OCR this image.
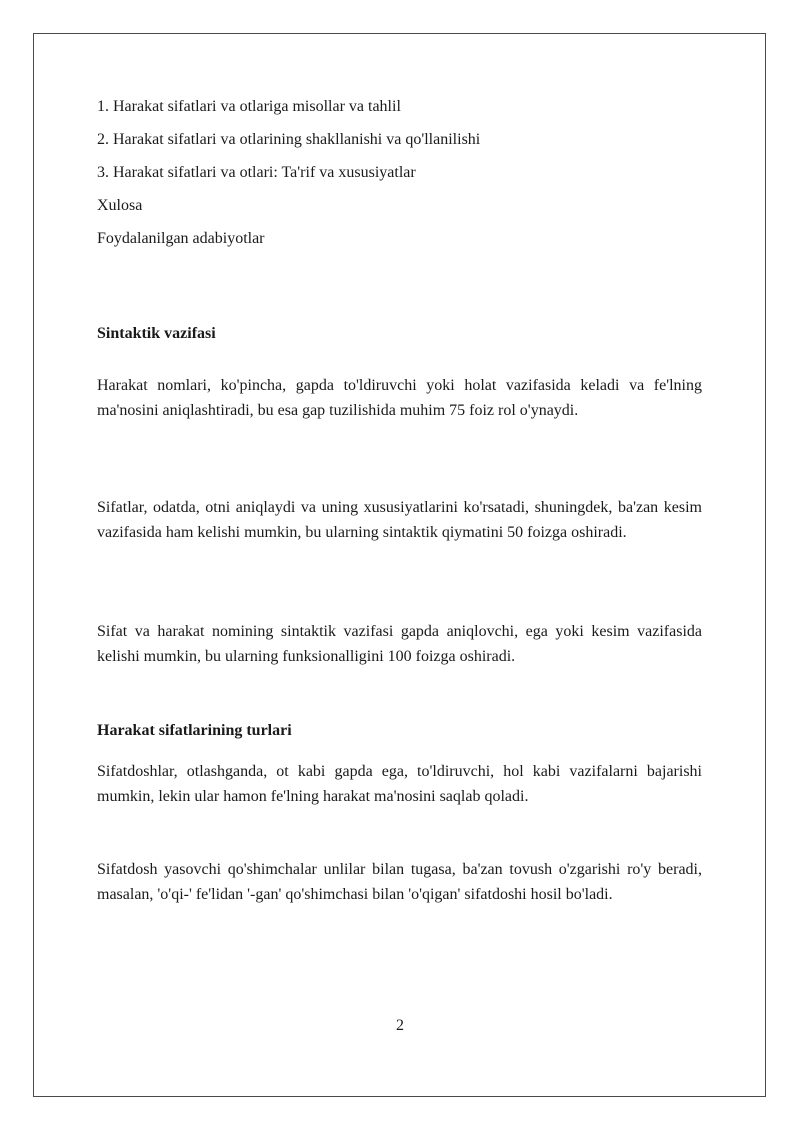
1. Harakat sifatlari va otlariga misollar va tahlil
2. Harakat sifatlari va otlarining shakllanishi va qo'llanilishi
3. Harakat sifatlari va otlari: Ta'rif va xususiyatlar
Xulosa
Foydalanilgan adabiyotlar
Sintaktik vazifasi

Harakat nomlari, ko'pincha, gapda to'ldiruvchi yoki holat vazifasida keladi va fe'lning ma'nosini aniqlashtiradi, bu esa gap tuzilishida muhim 75 foiz rol o'ynaydi.

Sifatlar, odatda, otni aniqlaydi va uning xususiyatlarini ko'rsatadi, shuningdek, ba'zan kesim vazifasida ham kelishi mumkin, bu ularning sintaktik qiymatini 50 foizga oshiradi.

Sifat va harakat nomining sintaktik vazifasi gapda aniqlovchi, ega yoki kesim vazifasida kelishi mumkin, bu ularning funksionalligini 100 foizga oshiradi.

Harakat sifatlarining turlari

Sifatdoshlar, otlashganda, ot kabi gapda ega, to'ldiruvchi, hol kabi vazifalarni bajarishi mumkin, lekin ular hamon fe'lning harakat ma'nosini saqlab qoladi.

Sifatdosh yasovchi qo'shimchalar unlilar bilan tugasa, ba'zan tovush o'zgarishi ro'y beradi, masalan, 'o'qi-' fe'lidan '-gan' qo'shimchasi bilan 'o'qigan' sifatdoshi hosil bo'ladi.

2
